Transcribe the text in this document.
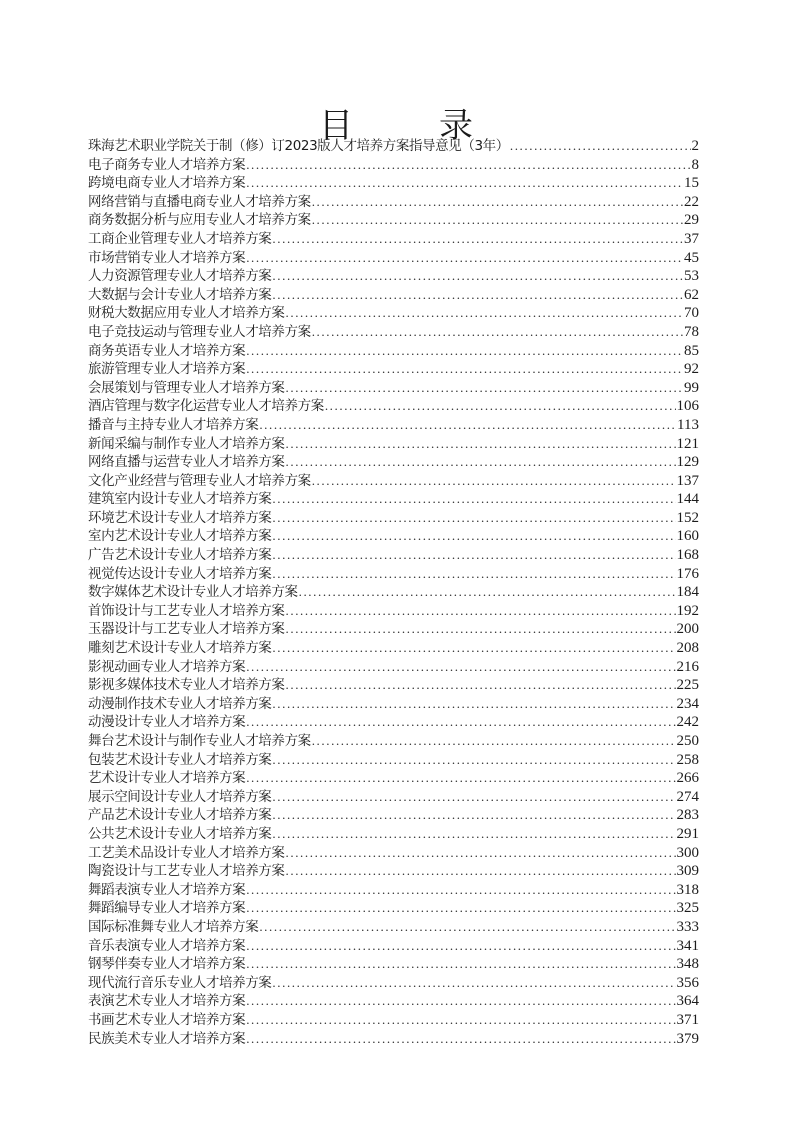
目	录
珠海艺术职业学院关于制（修）订2023版人才培养方案指导意见（3年） .....	2
电子商务专业人才培养方案 .....	8
跨境电商专业人才培养方案 .....	15
网络营销与直播电商专业人才培养方案 .....	22
商务数据分析与应用专业人才培养方案 .....	29
工商企业管理专业人才培养方案 .....	37
市场营销专业人才培养方案 .....	45
人力资源管理专业人才培养方案 .....	53
大数据与会计专业人才培养方案 .....	62
财税大数据应用专业人才培养方案 .....	70
电子竞技运动与管理专业人才培养方案 .....	78
商务英语专业人才培养方案 .....	85
旅游管理专业人才培养方案 .....	92
会展策划与管理专业人才培养方案 .....	99
酒店管理与数字化运营专业人才培养方案 .....	106
播音与主持专业人才培养方案 .....	113
新闻采编与制作专业人才培养方案 .....	121
网络直播与运营专业人才培养方案 .....	129
文化产业经营与管理专业人才培养方案 .....	137
建筑室内设计专业人才培养方案 .....	144
环境艺术设计专业人才培养方案 .....	152
室内艺术设计专业人才培养方案 .....	160
广告艺术设计专业人才培养方案 .....	168
视觉传达设计专业人才培养方案 .....	176
数字媒体艺术设计专业人才培养方案 .....	184
首饰设计与工艺专业人才培养方案 .....	192
玉器设计与工艺专业人才培养方案 .....	200
雕刻艺术设计专业人才培养方案 .....	208
影视动画专业人才培养方案 .....	216
影视多媒体技术专业人才培养方案 .....	225
动漫制作技术专业人才培养方案 .....	234
动漫设计专业人才培养方案 .....	242
舞台艺术设计与制作专业人才培养方案 .....	250
包装艺术设计专业人才培养方案 .....	258
艺术设计专业人才培养方案 .....	266
展示空间设计专业人才培养方案 .....	274
产品艺术设计专业人才培养方案 .....	283
公共艺术设计专业人才培养方案 .....	291
工艺美术品设计专业人才培养方案 .....	300
陶瓷设计与工艺专业人才培养方案 .....	309
舞蹈表演专业人才培养方案 .....	318
舞蹈编导专业人才培养方案 .....	325
国际标准舞专业人才培养方案 .....	333
音乐表演专业人才培养方案 .....	341
钢琴伴奏专业人才培养方案 .....	348
现代流行音乐专业人才培养方案 .....	356
表演艺术专业人才培养方案 .....	364
书画艺术专业人才培养方案 .....	371
民族美术专业人才培养方案 .....	379
